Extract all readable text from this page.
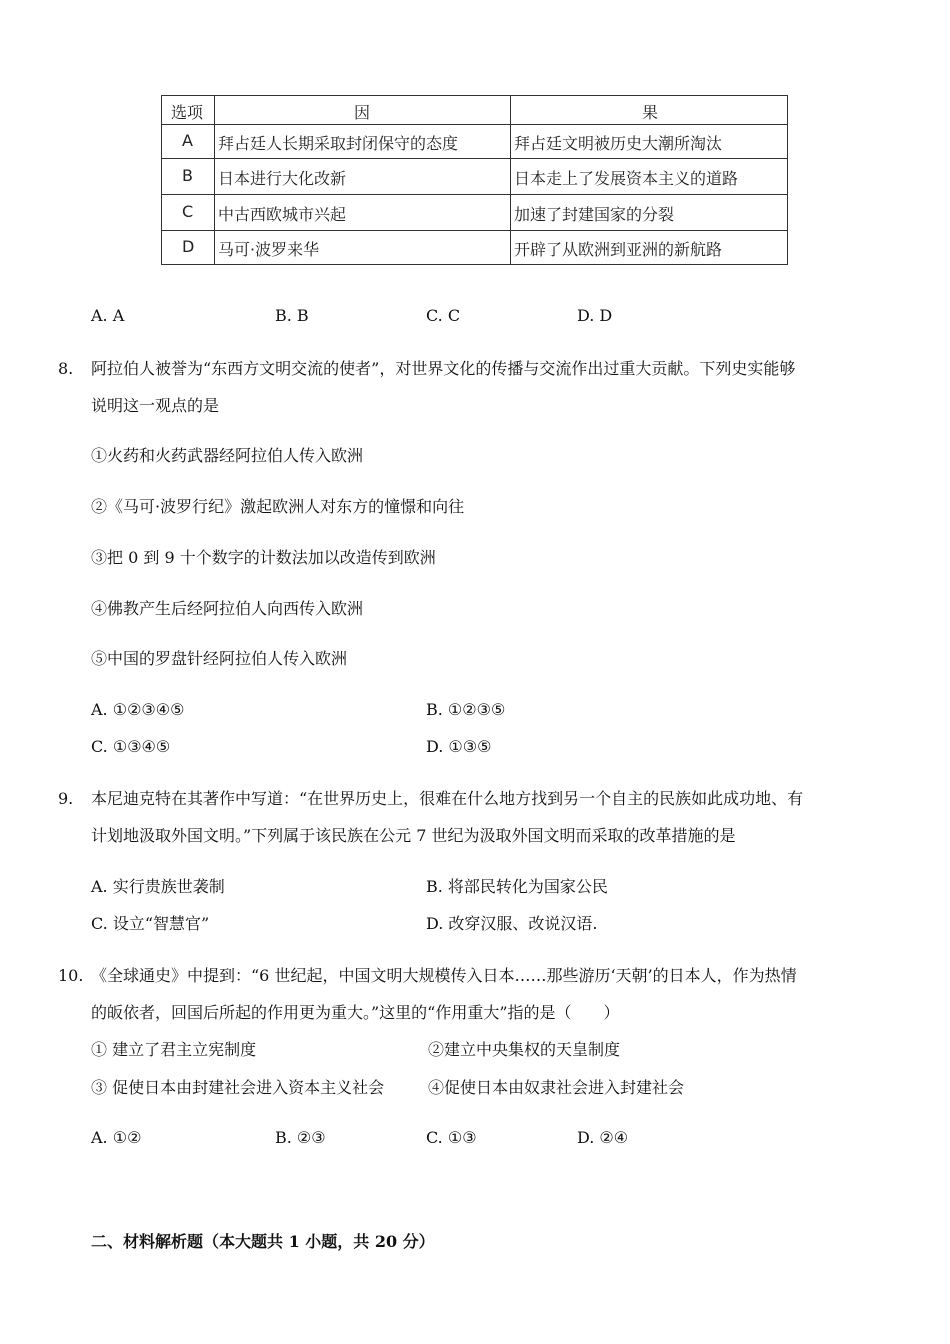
选项	因	果
A 拜占廷人长期采取封闭保守的态度	拜占廷文明被历史大潮所淘汰
B 日本进行大化改新	日本走上了发展资本主义的道路
C 中古西欧城市兴起	加速了封建国家的分裂
D 马可·波罗来华	开辟了从欧洲到亚洲的新航路
A. A	B. B	C. C	D. D
8. 阿拉伯人被誉为“东西方文明交流的使者”，对世界文化的传播与交流作出过重大贡献。下列史实能够
说明这一观点的是
①火药和火药武器经阿拉伯人传入欧洲
②《马可·波罗行纪》激起欧洲人对东方的憧憬和向往
③把 0 到 9 十个数字的计数法加以改造传到欧洲
④佛教产生后经阿拉伯人向西传入欧洲
⑤中国的罗盘针经阿拉伯人传入欧洲
A. ①②③④⑤	B. ①②③⑤
C. ①③④⑤	D. ①③⑤
9. 本尼迪克特在其著作中写道：“在世界历史上，很难在什么地方找到另一个自主的民族如此成功地、有
计划地汲取外国文明。”下列属于该民族在公元 7 世纪为汲取外国文明而采取的改革措施的是
A. 实行贵族世袭制	B. 将部民转化为国家公民
C. 设立“智慧官”	D. 改穿汉服、改说汉语.
10. 《全球通史》中提到：“6 世纪起，中国文明大规模传入日本……那些游历‘天朝’的日本人，作为热情
的皈依者，回国后所起的作用更为重大。”这里的“作用重大”指的是（　　）
① 建立了君主立宪制度	②建立中央集权的天皇制度
③ 促使日本由封建社会进入资本主义社会	④促使日本由奴隶社会进入封建社会
A. ①②	B. ②③	C. ①③	D. ②④
二、材料解析题（本大题共 1 小题，共 20 分）
